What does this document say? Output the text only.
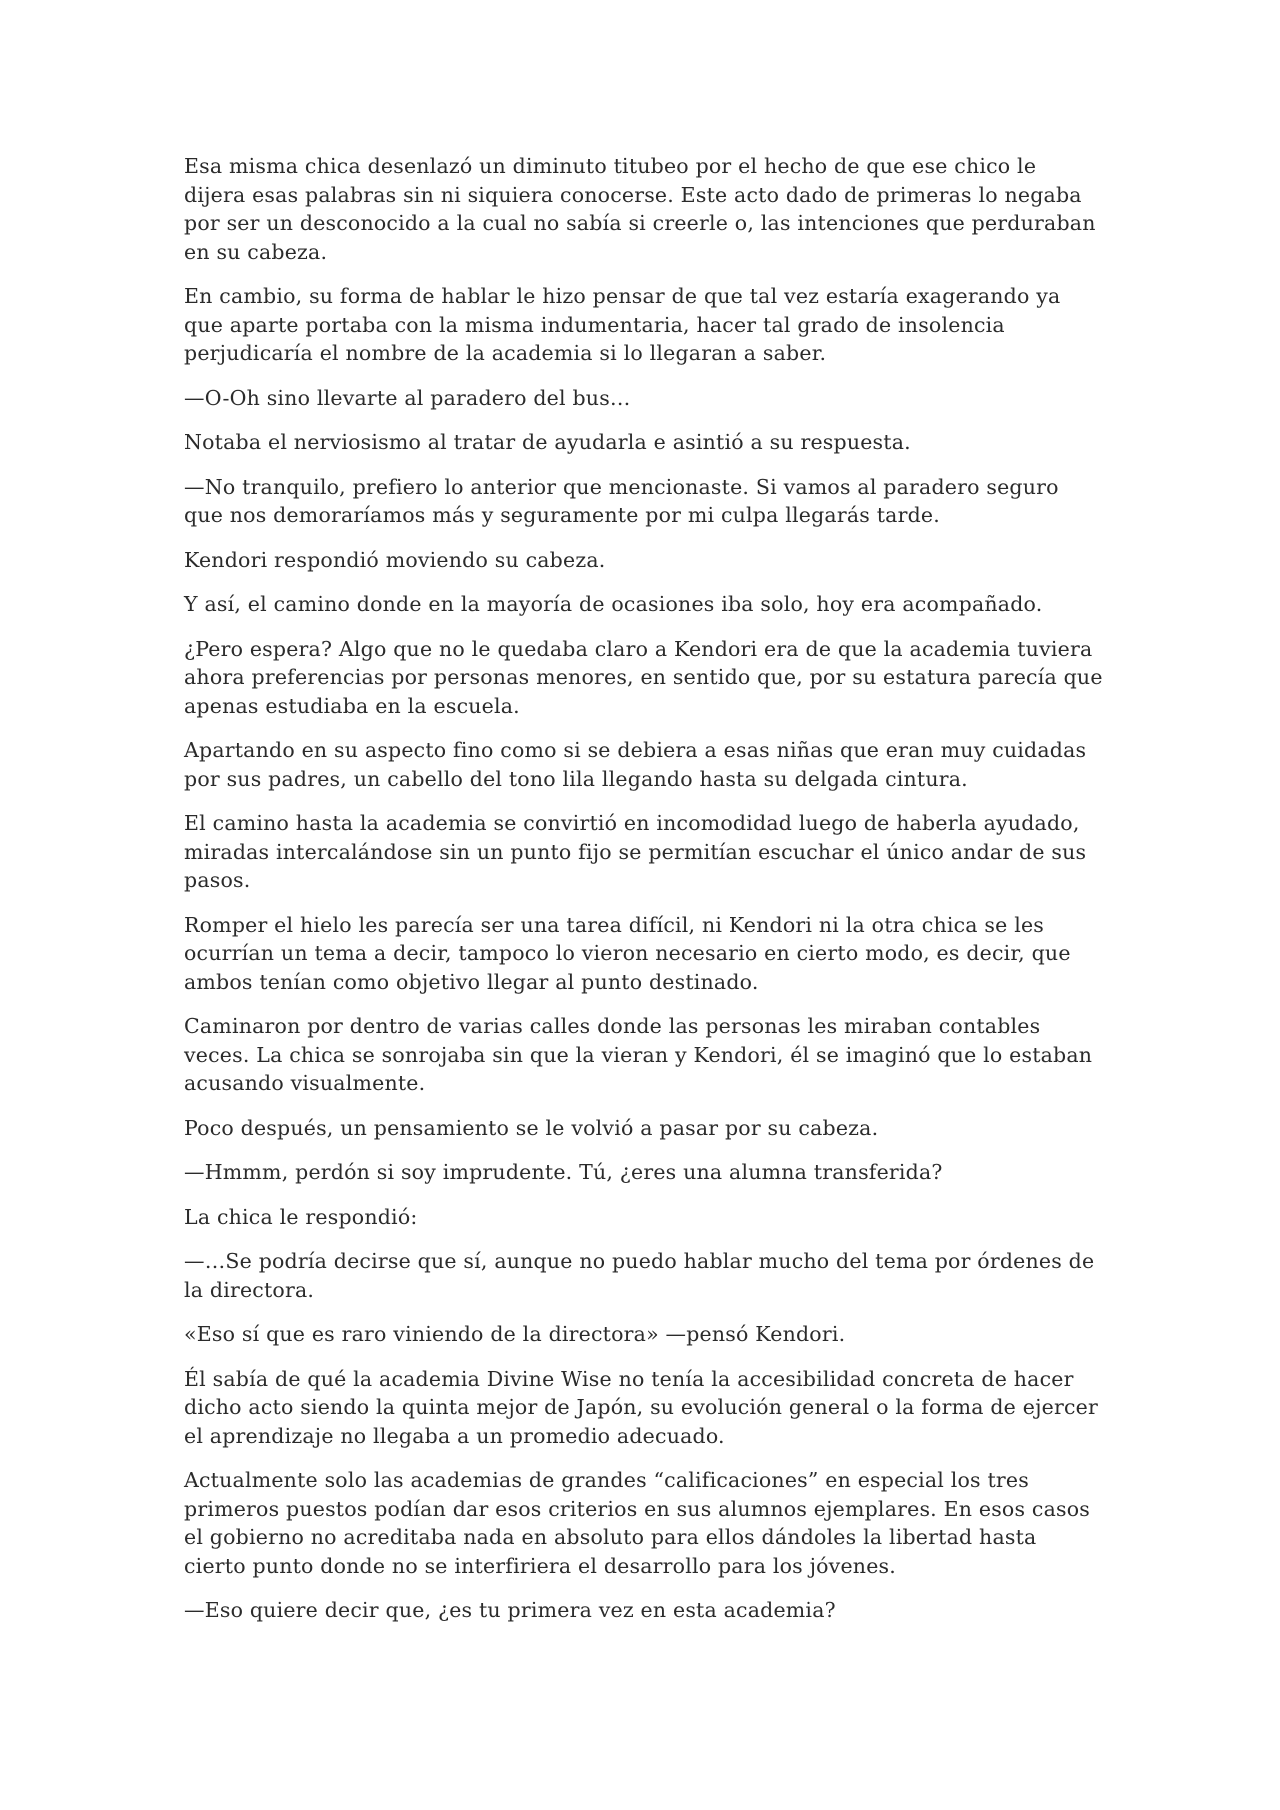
Esa misma chica desenlazó un diminuto titubeo por el hecho de que ese chico le dijera esas palabras sin ni siquiera conocerse. Este acto dado de primeras lo negaba por ser un desconocido a la cual no sabía si creerle o, las intenciones que perduraban en su cabeza.

En cambio, su forma de hablar le hizo pensar de que tal vez estaría exagerando ya que aparte portaba con la misma indumentaria, hacer tal grado de insolencia perjudicaría el nombre de la academia si lo llegaran a saber.

—O-Oh sino llevarte al paradero del bus…

Notaba el nerviosismo al tratar de ayudarla e asintió a su respuesta.

—No tranquilo, prefiero lo anterior que mencionaste. Si vamos al paradero seguro que nos demoraríamos más y seguramente por mi culpa llegarás tarde.

Kendori respondió moviendo su cabeza.

Y así, el camino donde en la mayoría de ocasiones iba solo, hoy era acompañado.

¿Pero espera? Algo que no le quedaba claro a Kendori era de que la academia tuviera ahora preferencias por personas menores, en sentido que, por su estatura parecía que apenas estudiaba en la escuela.

Apartando en su aspecto fino como si se debiera a esas niñas que eran muy cuidadas por sus padres, un cabello del tono lila llegando hasta su delgada cintura.

El camino hasta la academia se convirtió en incomodidad luego de haberla ayudado, miradas intercalándose sin un punto fijo se permitían escuchar el único andar de sus pasos.

Romper el hielo les parecía ser una tarea difícil, ni Kendori ni la otra chica se les ocurrían un tema a decir, tampoco lo vieron necesario en cierto modo, es decir, que ambos tenían como objetivo llegar al punto destinado.

Caminaron por dentro de varias calles donde las personas les miraban contables veces. La chica se sonrojaba sin que la vieran y Kendori, él se imaginó que lo estaban acusando visualmente.

Poco después, un pensamiento se le volvió a pasar por su cabeza.

—Hmmm, perdón si soy imprudente. Tú, ¿eres una alumna transferida?

La chica le respondió:

—…Se podría decirse que sí, aunque no puedo hablar mucho del tema por órdenes de la directora.

«Eso sí que es raro viniendo de la directora» —pensó Kendori.

Él sabía de qué la academia Divine Wise no tenía la accesibilidad concreta de hacer dicho acto siendo la quinta mejor de Japón, su evolución general o la forma de ejercer el aprendizaje no llegaba a un promedio adecuado.

Actualmente solo las academias de grandes “calificaciones” en especial los tres primeros puestos podían dar esos criterios en sus alumnos ejemplares. En esos casos el gobierno no acreditaba nada en absoluto para ellos dándoles la libertad hasta cierto punto donde no se interfiriera el desarrollo para los jóvenes.

—Eso quiere decir que, ¿es tu primera vez en esta academia?
